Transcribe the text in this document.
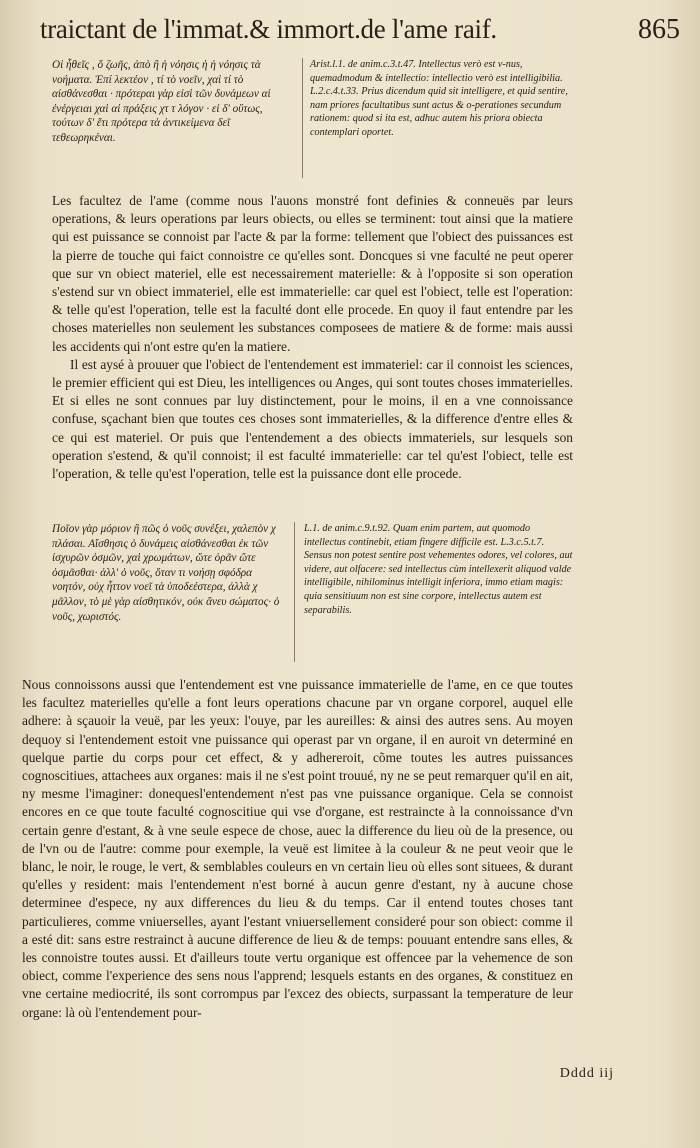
traictant de l'immat.& immort.de l'ame raif.	865

Οἱ ἦθεῖς , ὅ ζωῆς, ἀπὸ ἢ ἡ νόησις ἡ ἡ νόησις τὰ νοήματα. Ἐπί λεκτέον , τί τὸ νοεῖν, χαὶ τί τὸ αἰσθάνεσθαι · πρότεραι γὰρ εἰσὶ τῶν δυνάμεων αἱ ἐνέργειαι χαὶ αἱ πράξεις χτ τ λόγον · εἰ δ' οὕτως, τούτων δ' ἔτι πρότερα τὰ ἀντικείμενα δεῖ τεθεωρηκέναι.

Arist.l.1. de anim.c.3.t.47. Intellectus verò est v-nus, quemadmodum & intellectio: intellectio verò est intelligibilia. L.2.c.4.t.33. Prius dicendum quid sit intelligere, et quid sentire, nam priores facultatibus sunt actus & o-perationes secundum rationem: quod si ita est, adhuc autem his priora obiecta contemplari oportet.

Les facultez de l'ame (comme nous l'auons monstré font definies & conneuës par leurs operations, & leurs operations par leurs obiects, ou elles se terminent: tout ainsi que la matiere qui est puissance se connoist par l'acte & par la forme: tellement que l'obiect des puissances est la pierre de touche qui faict connoistre ce qu'elles sont. Doncques si vne faculté ne peut operer que sur vn obiect materiel, elle est necessairement materielle: & à l'opposite si son operation s'estend sur vn obiect immateriel, elle est immaterielle: car quel est l'obiect, telle est l'operation: & telle qu'est l'operation, telle est la faculté dont elle procede. En quoy il faut entendre par les choses materielles non seulement les substances composees de matiere & de forme: mais aussi les accidents qui n'ont estre qu'en la matiere.

Il est aysé à prouuer que l'obiect de l'entendement est immateriel: car il connoist les sciences, le premier efficient qui est Dieu, les intelligences ou Anges, qui sont toutes choses immaterielles. Et si elles ne sont connues par luy distinctement, pour le moins, il en a vne connoissance confuse, sçachant bien que toutes ces choses sont immaterielles, & la difference d'entre elles & ce qui est materiel. Or puis que l'entendement a des obiects immateriels, sur lesquels son operation s'estend, & qu'il connoist; il est faculté immaterielle: car tel qu'est l'obiect, telle est l'operation, & telle qu'est l'operation, telle est la puissance dont elle procede.

Ποῖον γὰρ μόριον ἢ πῶς ὁ νοῦς συνέξει, χαλεπὸν χ πλάσαι. Αἴσθησις ὁ δυνάμεις αἰσθάνεσθαι ἐκ τῶν ἰσχυρῶν ὀσμῶν, χαὶ χρωμάτων, ὥτε ὁρᾶν ὥτε ὀσμᾶσθαι· ἀλλ' ὁ νοῦς, ὅταν τι νοήσῃ σφόδρα νοητόν, οὐχ ἧττον νοεῖ τὰ ὑποδεέστερα, ἀλλὰ χ μᾶλλον, τὸ μὲ γὰρ αἰσθητικόν, οὐκ ἄνευ σώματος· ὁ νοῦς, χωριστός.

L.1. de anim.c.9.t.92. Quam enim partem, aut quomodo intellectus continebit, etiam fingere difficile est. L.3.c.5.t.7. Sensus non potest sentire post vehementes odores, vel colores, aut videre, aut olfacere: sed intellectus cùm intellexerit aliquod valde intelligibile, nihilominus intelligit inferiora, immo etiam magis: quia sensitiuum non est sine corpore, intellectus autem est separabilis.

Nous connoissons aussi que l'entendement est vne puissance immaterielle de l'ame, en ce que toutes les facultez materielles qu'elle a font leurs operations chacune par vn organe corporel, auquel elle adhere: à sçauoir la veuë, par les yeux: l'ouye, par les aureilles: & ainsi des autres sens. Au moyen dequoy si l'entendement estoit vne puissance qui operast par vn organe, il en auroit vn determiné en quelque partie du corps pour cet effect, & y adhereroit, cõme toutes les autres puissances cognoscitiues, attachees aux organes: mais il ne s'est point trouué, ny ne se peut remarquer qu'il en ait, ny mesme l'imaginer: donequesl'entendement n'est pas vne puissance organique. Cela se connoist encores en ce que toute faculté cognoscitiue qui vse d'organe, est restraincte à la connoissance d'vn certain genre d'estant, & à vne seule espece de chose, auec la difference du lieu où de la presence, ou de l'vn ou de l'autre: comme pour exemple, la veuë est limitee à la couleur & ne peut veoir que le blanc, le noir, le rouge, le vert, & semblables couleurs en vn certain lieu où elles sont situees, & durant qu'elles y resident: mais l'entendement n'est borné à aucun genre d'estant, ny à aucune chose determinee d'espece, ny aux differences du lieu & du temps. Car il entend toutes choses tant particulieres, comme vniuerselles, ayant l'estant vniuersellement consideré pour son obiect: comme il a esté dit: sans estre restrainct à aucune difference de lieu & de temps: pouuant entendre sans elles, & les connoistre toutes aussi. Et d'ailleurs toute vertu organique est offencee par la vehemence de son obiect, comme l'experience des sens nous l'apprend; lesquels estants en des organes, & constituez en vne certaine mediocrité, ils sont corrompus par l'excez des obiects, surpassant la temperature de leur organe: là où l'entendement pour-

Dddd iij
